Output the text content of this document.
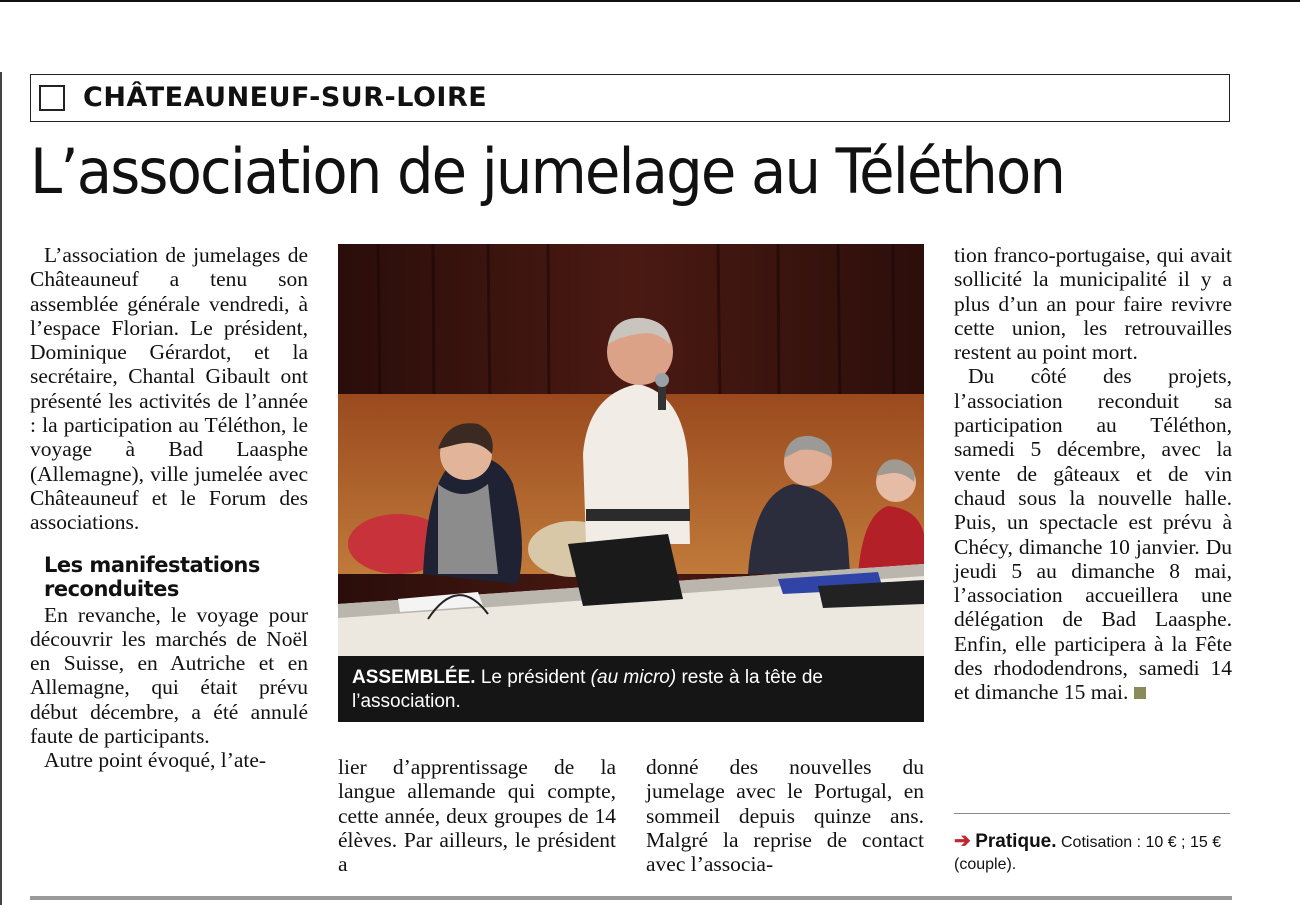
CHÂTEAUNEUF-SUR-LOIRE
L’association de jumelage au Téléthon

L’association de jumelages de Châteauneuf a tenu son assemblée générale vendredi, à l’espace Florian. Le président, Dominique Gérardot, et la secrétaire, Chantal Gibault ont présenté les activités de l’année : la participation au Téléthon, le voyage à Bad Laasphe (Allemagne), ville jumelée avec Châteauneuf et le Forum des associations.

Les manifestations reconduites

En revanche, le voyage pour découvrir les marchés de Noël en Suisse, en Autriche et en Allemagne, qui était prévu début décembre, a été annulé faute de participants.

Autre point évoqué, l’ate-

ASSEMBLÉE. Le président (au micro) reste à la tête de l’association.

lier d’apprentissage de la langue allemande qui compte, cette année, deux groupes de 14 élèves. Par ailleurs, le président a

donné des nouvelles du jumelage avec le Portugal, en sommeil depuis quinze ans. Malgré la reprise de contact avec l’associa-

tion franco-portugaise, qui avait sollicité la municipalité il y a plus d’un an pour faire revivre cette union, les retrouvailles restent au point mort.

Du côté des projets, l’association reconduit sa participation au Téléthon, samedi 5 décembre, avec la vente de gâteaux et de vin chaud sous la nouvelle halle. Puis, un spectacle est prévu à Chécy, dimanche 10 janvier. Du jeudi 5 au dimanche 8 mai, l’association accueillera une délégation de Bad Laasphe. Enfin, elle participera à la Fête des rhododendrons, samedi 14 et dimanche 15 mai.

➔ Pratique. Cotisation : 10 € ; 15 € (couple).
